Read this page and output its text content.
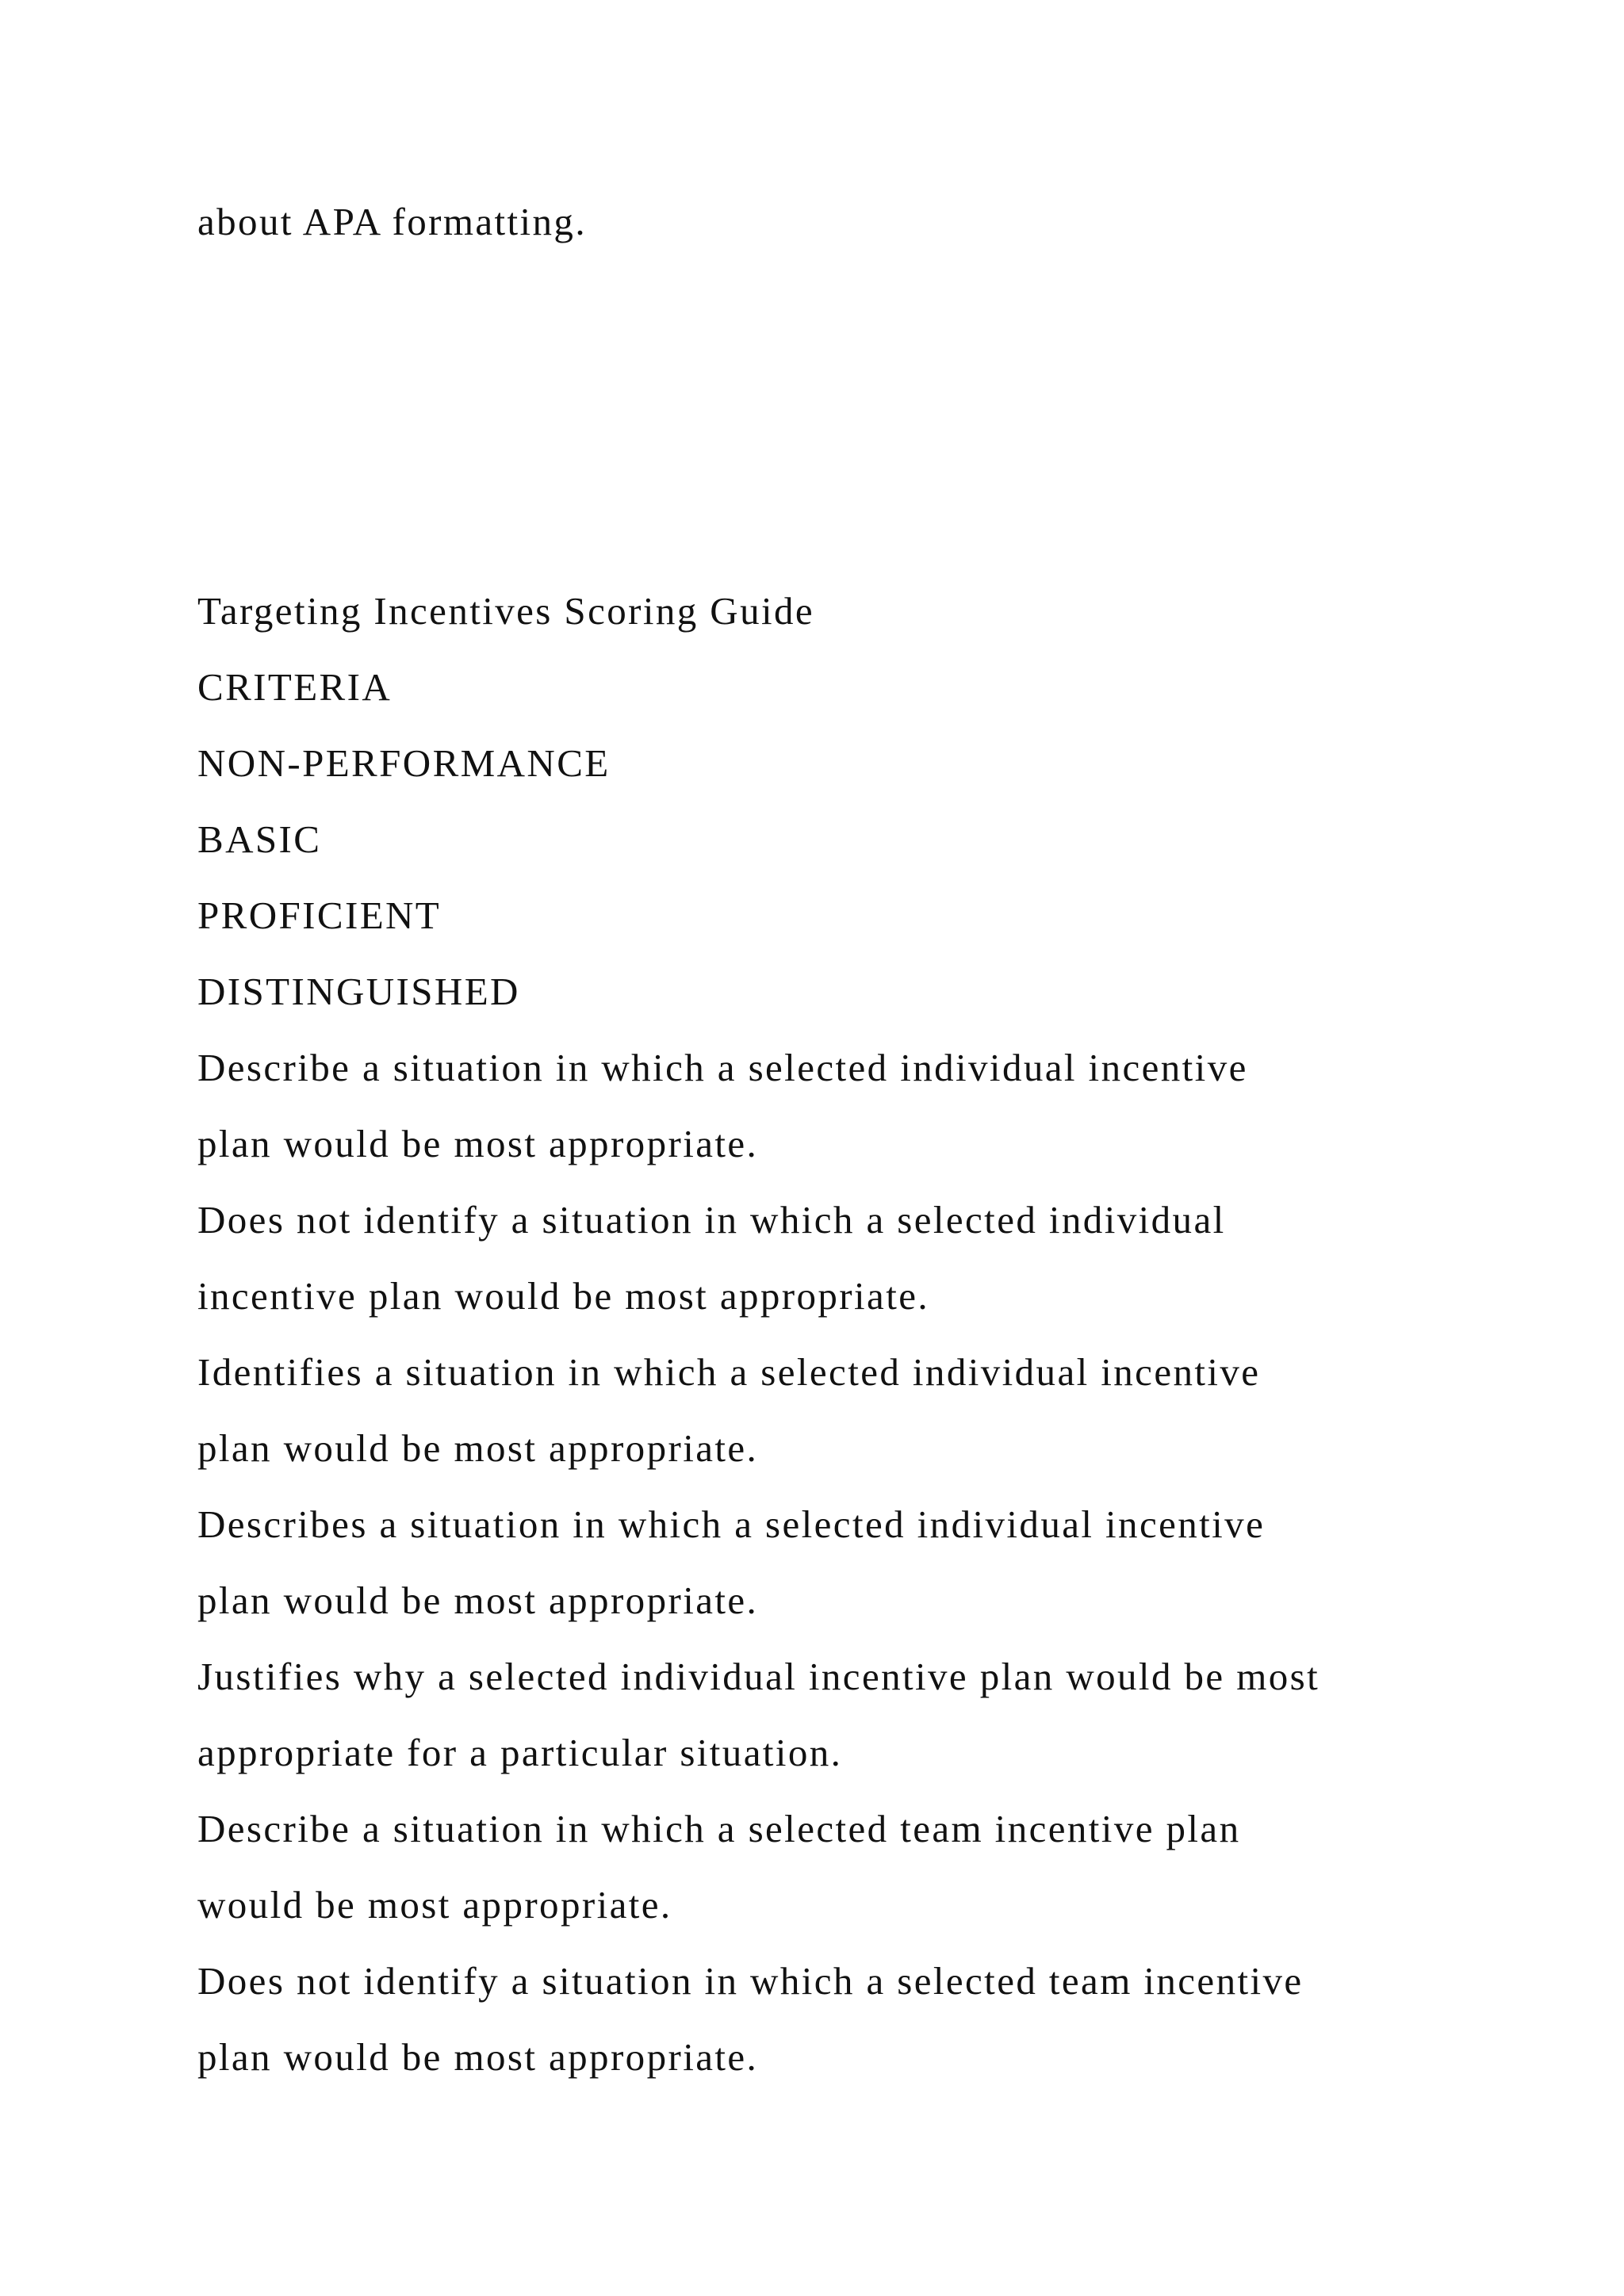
about APA formatting.
Targeting Incentives Scoring Guide
CRITERIA
NON-PERFORMANCE
BASIC
PROFICIENT
DISTINGUISHED
Describe a situation in which a selected individual incentive
plan would be most appropriate.
Does not identify a situation in which a selected individual
incentive plan would be most appropriate.
Identifies a situation in which a selected individual incentive
plan would be most appropriate.
Describes a situation in which a selected individual incentive
plan would be most appropriate.
Justifies why a selected individual incentive plan would be most
appropriate for a particular situation.
Describe a situation in which a selected team incentive plan
would be most appropriate.
Does not identify a situation in which a selected team incentive
plan would be most appropriate.
